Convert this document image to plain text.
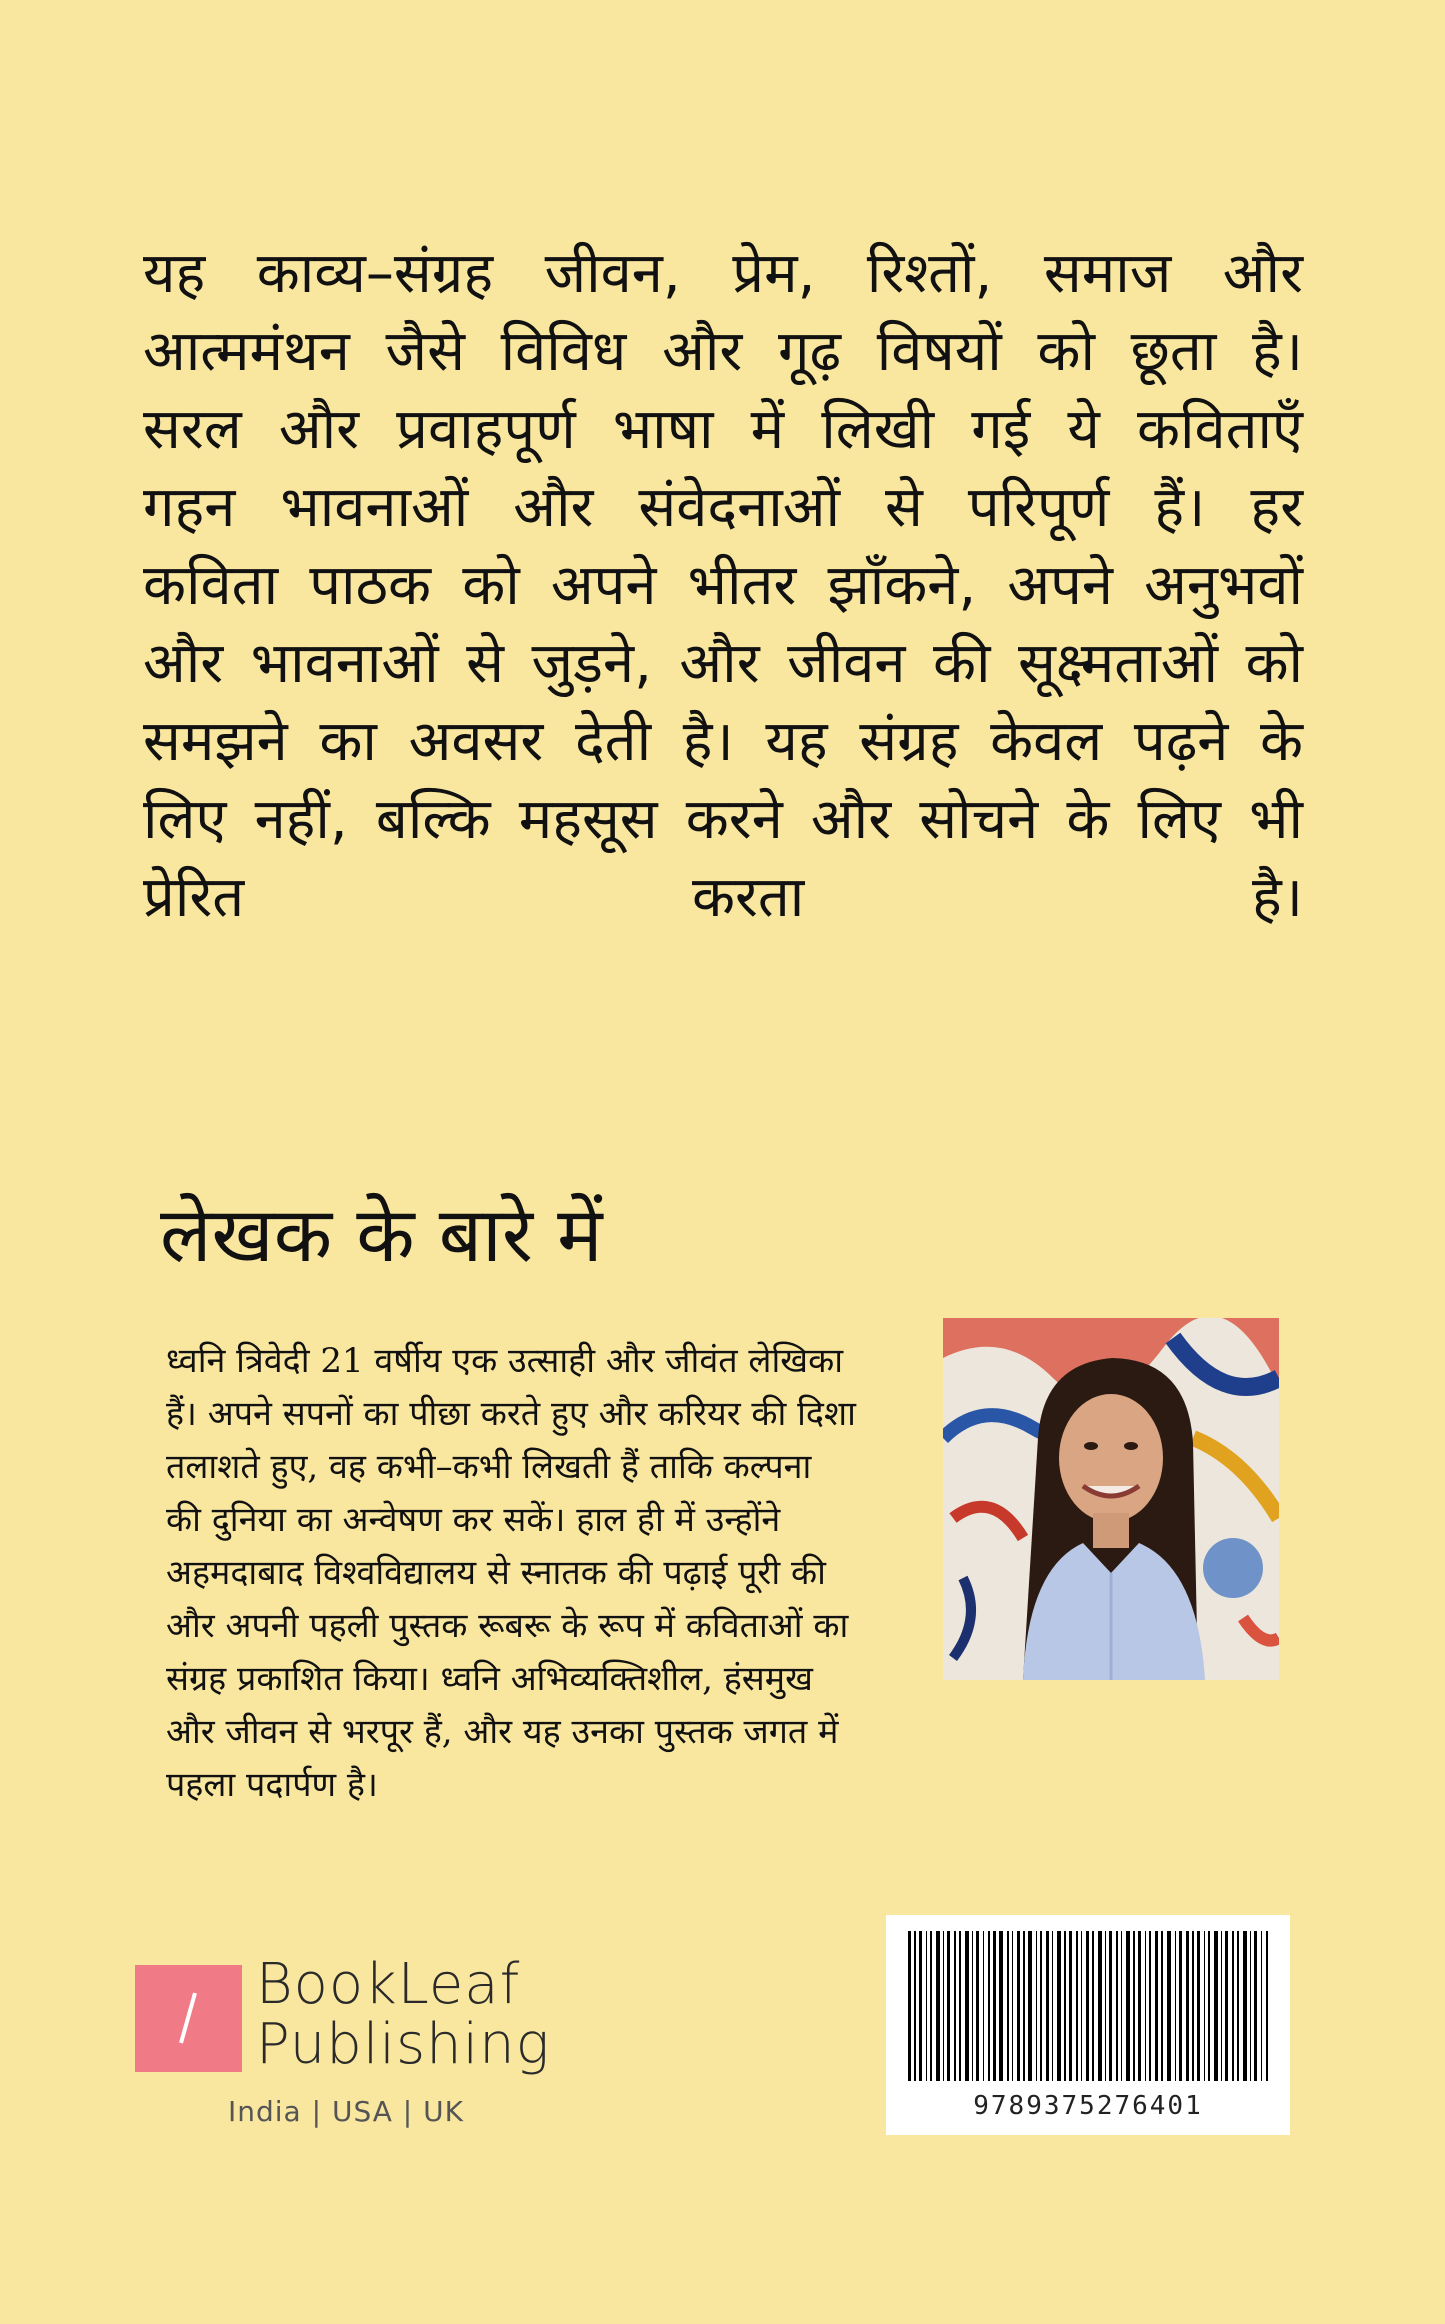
यह काव्य–संग्रह जीवन, प्रेम, रिश्तों, समाज और आत्ममंथन जैसे विविध और गूढ़ विषयों को छूता है। सरल और प्रवाहपूर्ण भाषा में लिखी गई ये कविताएँ गहन भावनाओं और संवेदनाओं से परिपूर्ण हैं। हर कविता पाठक को अपने भीतर झाँकने, अपने अनुभवों और भावनाओं से जुड़ने, और जीवन की सूक्ष्मताओं को समझने का अवसर देती है। यह संग्रह केवल पढ़ने के लिए नहीं, बल्कि महसूस करने और सोचने के लिए भी प्रेरित करता है।

लेखक के बारे में

ध्वनि त्रिवेदी 21 वर्षीय एक उत्साही और जीवंत लेखिका हैं। अपने सपनों का पीछा करते हुए और करियर की दिशा तलाशते हुए, वह कभी–कभी लिखती हैं ताकि कल्पना की दुनिया का अन्वेषण कर सकें। हाल ही में उन्होंने अहमदाबाद विश्वविद्यालय से स्नातक की पढ़ाई पूरी की और अपनी पहली पुस्तक रूबरू के रूप में कविताओं का संग्रह प्रकाशित किया। ध्वनि अभिव्यक्तिशील, हंसमुख और जीवन से भरपूर हैं, और यह उनका पुस्तक जगत में पहला पदार्पण है।

BookLeaf
Publishing
India | USA | UK	9789375276401
